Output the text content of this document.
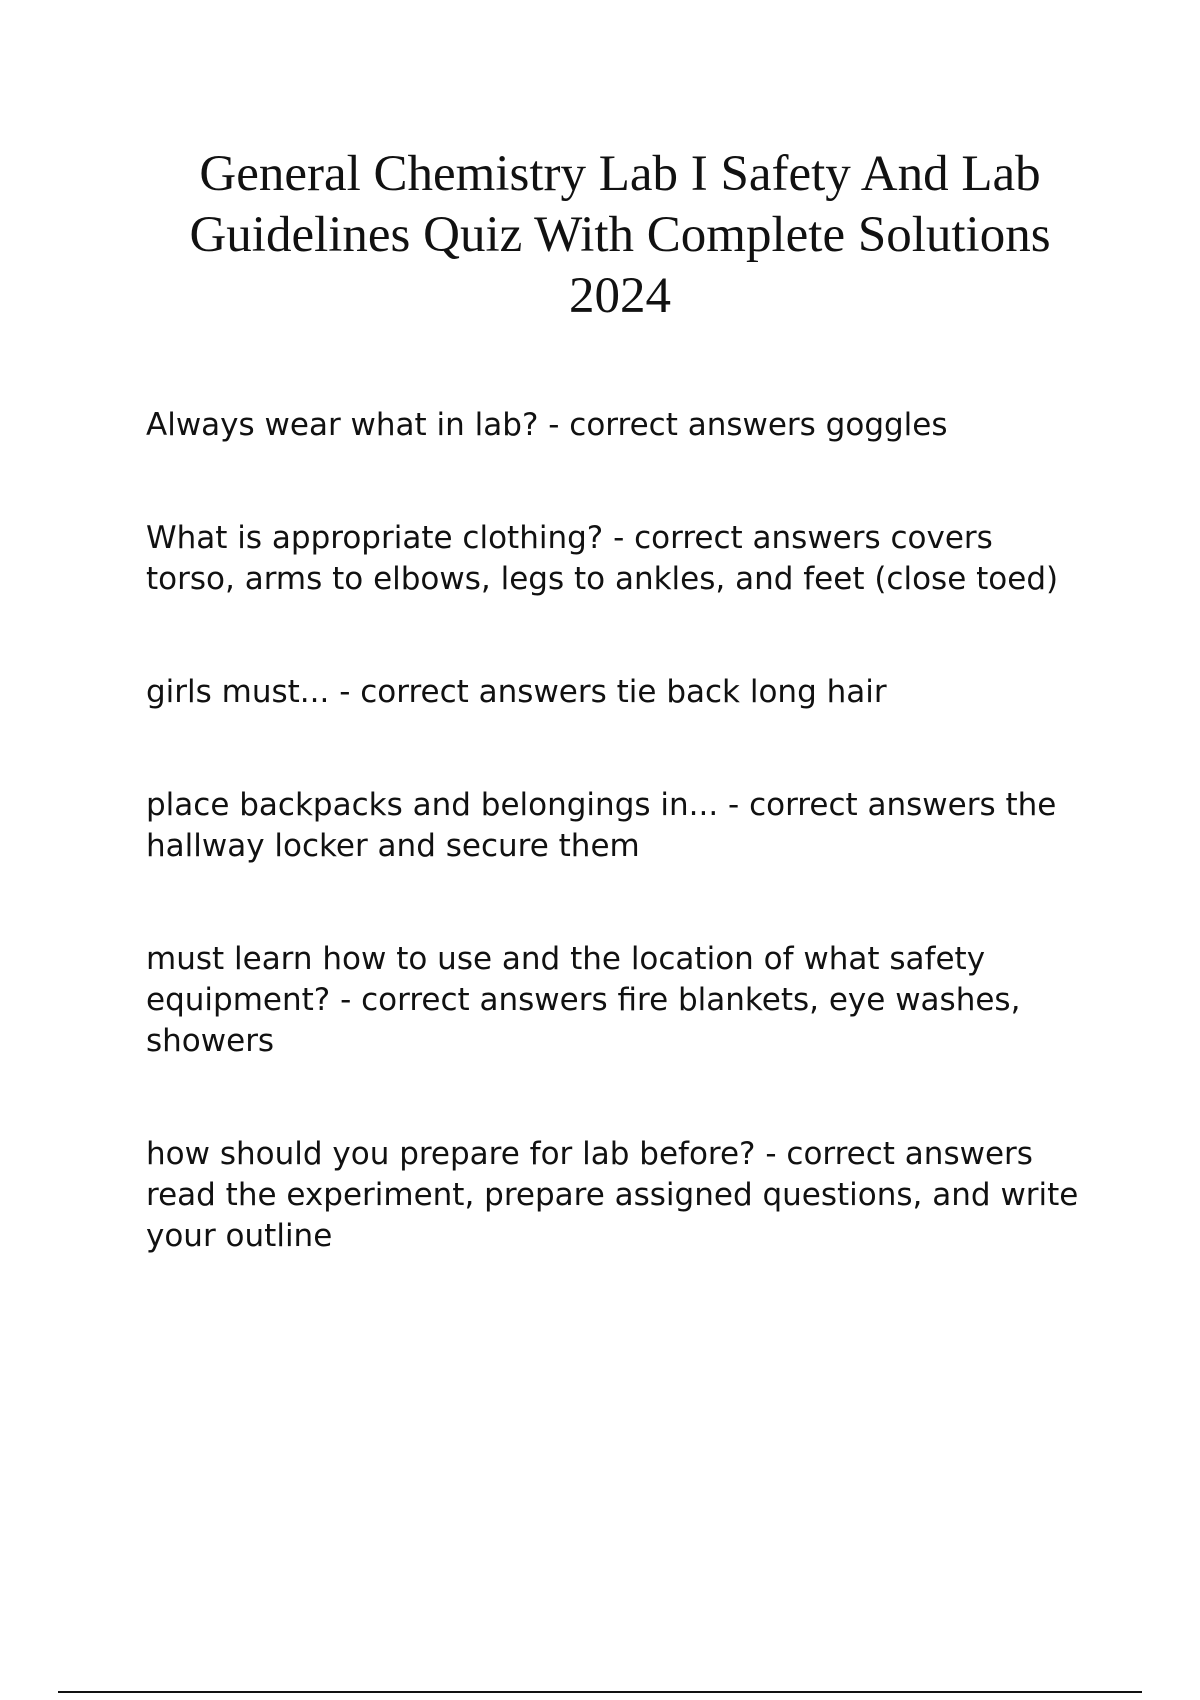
General Chemistry Lab I Safety And Lab Guidelines Quiz With Complete Solutions 2024
Always wear what in lab? - correct answers goggles
What is appropriate clothing? - correct answers covers torso, arms to elbows, legs to ankles, and feet (close toed)
girls must... - correct answers tie back long hair
place backpacks and belongings in... - correct answers the hallway locker and secure them
must learn how to use and the location of what safety equipment? - correct answers fire blankets, eye washes, showers
how should you prepare for lab before? - correct answers read the experiment, prepare assigned questions, and write your outline
